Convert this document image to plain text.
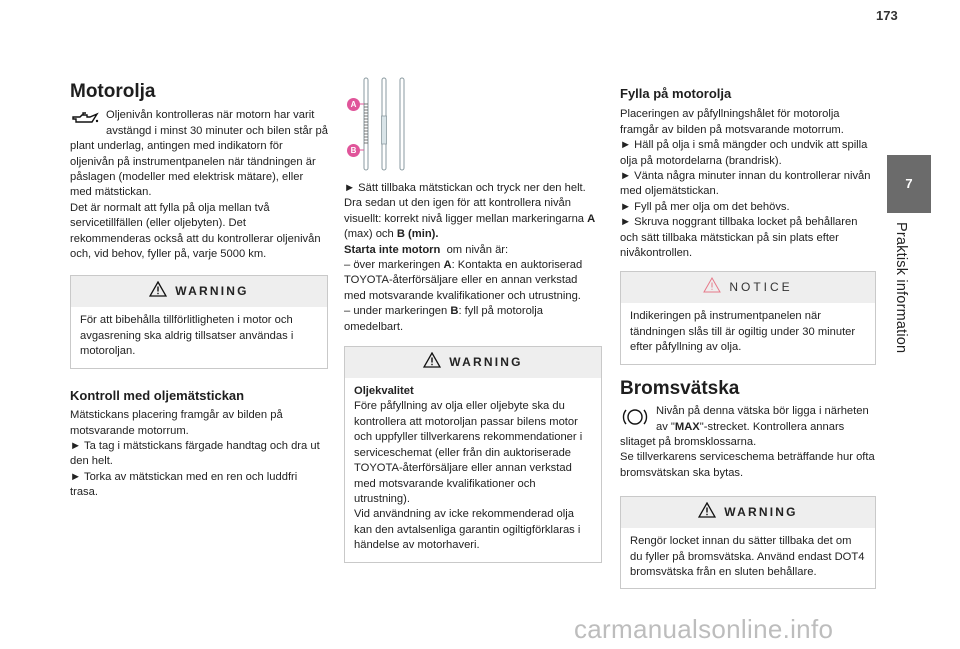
173
7
Praktisk information
Motorolja

Oljenivån kontrolleras när motorn har varit avstängd i minst 30 minuter och bilen står på plant underlag, antingen med indikatorn för oljenivån på instrumentpanelen när tändningen är påslagen (modeller med elektrisk mätare), eller med mätstickan.

Det är normalt att fylla på olja mellan två servicetillfällen (eller oljebyten). Det rekommenderas också att du kontrollerar oljenivån och, vid behov, fyller på, varje 5000 km.

WARNING

För att bibehålla tillförlitligheten i motor och avgasrening ska aldrig tillsatser användas i motoroljan.

Kontroll med oljemätstickan

Mätstickans placering framgår av bilden på motsvarande motorrum.

► Ta tag i mätstickans färgade handtag och dra ut den helt.

► Torka av mätstickan med en ren och luddfri trasa.

A
B

► Sätt tillbaka mätstickan och tryck ner den helt. Dra sedan ut den igen för att kontrollera nivån visuellt: korrekt nivå ligger mellan markeringarna A (max) och B (min).

Starta inte motorn om nivån är:

– över markeringen A: Kontakta en auktoriserad TOYOTA-återförsäljare eller en annan verkstad med motsvarande kvalifikationer och utrustning.

– under markeringen B: fyll på motorolja omedelbart.

WARNING

Oljekvalitet

Före påfyllning av olja eller oljebyte ska du kontrollera att motoroljan passar bilens motor och uppfyller tillverkarens rekommendationer i serviceschemat (eller från din auktoriserade TOYOTA-återförsäljare eller annan verkstad med motsvarande kvalifikationer och utrustning).

Vid användning av icke rekommenderad olja kan den avtalsenliga garantin ogiltigförklaras i händelse av motorhaveri.

Fylla på motorolja

Placeringen av påfyllningshålet för motorolja framgår av bilden på motsvarande motorrum.

► Häll på olja i små mängder och undvik att spilla olja på motordelarna (brandrisk).

► Vänta några minuter innan du kontrollerar nivån med oljemätstickan.

► Fyll på mer olja om det behövs.

► Skruva noggrant tillbaka locket på behållaren och sätt tillbaka mätstickan på sin plats efter nivåkontrollen.

NOTICE

Indikeringen på instrumentpanelen när tändningen slås till är ogiltig under 30 minuter efter påfyllning av olja.

Bromsvätska

Nivån på denna vätska bör ligga i närheten av "MAX"-strecket. Kontrollera annars slitaget på bromsklossarna.

Se tillverkarens serviceschema beträffande hur ofta bromsvätskan ska bytas.

WARNING

Rengör locket innan du sätter tillbaka det om du fyller på bromsvätska. Använd endast DOT4 bromsvätska från en sluten behållare.

carmanualsonline.info
